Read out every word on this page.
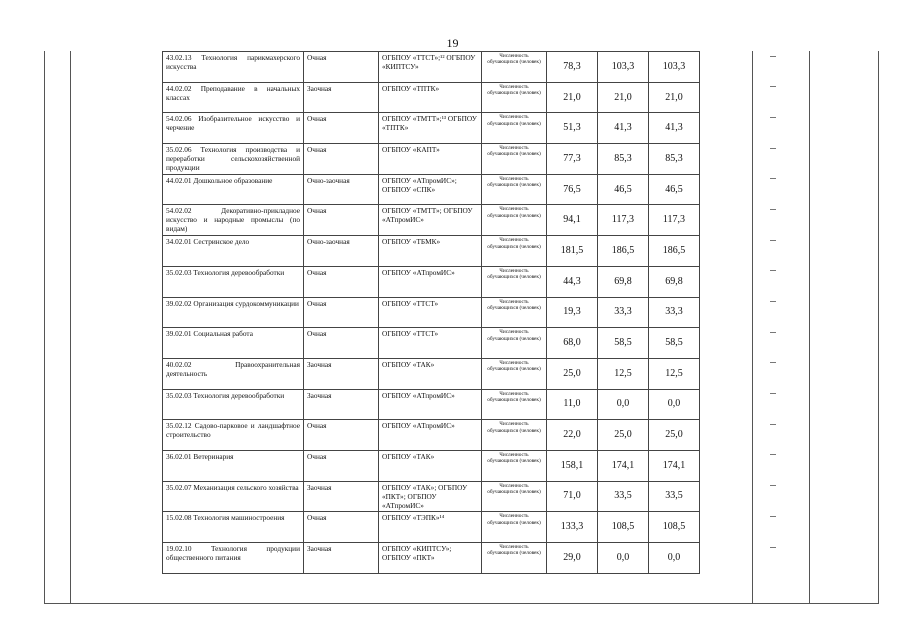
19
43.02.13 Технология парикмахерского искусства	Очная	ОГБПОУ «ТТСТ»;¹² ОГБПОУ «КИПТСУ»	Численность обучающихся (человек)	78,3	103,3	103,3
44.02.02 Преподавание в начальных классах	Заочная	ОГБПОУ «ТПТК»	Численность обучающихся (человек)	21,0	21,0	21,0
54.02.06 Изобразительное искусство и черчение	Очная	ОГБПОУ «ТМТТ»;¹³ ОГБПОУ «ТПТК»	Численность обучающихся (человек)	51,3	41,3	41,3
35.02.06 Технология производства и переработки сельскохозяйственной продукции	Очная	ОГБПОУ «КАПТ»	Численность обучающихся (человек)	77,3	85,3	85,3
44.02.01 Дошкольное образование	Очно-заочная	ОГБПОУ «АТпромИС»; ОГБПОУ «СПК»	Численность обучающихся (человек)	76,5	46,5	46,5
54.02.02 Декоративно-прикладное искусство и народные промыслы (по видам)	Очная	ОГБПОУ «ТМТТ»; ОГБПОУ «АТпромИС»	Численность обучающихся (человек)	94,1	117,3	117,3
34.02.01 Сестринское дело	Очно-заочная	ОГБПОУ «ТБМК»	Численность обучающихся (человек)	181,5	186,5	186,5
35.02.03 Технология деревообработки	Очная	ОГБПОУ «АТпромИС»	Численность обучающихся (человек)	44,3	69,8	69,8
39.02.02 Организация сурдокоммуникации	Очная	ОГБПОУ «ТТСТ»	Численность обучающихся (человек)	19,3	33,3	33,3
39.02.01 Социальная работа	Очная	ОГБПОУ «ТТСТ»	Численность обучающихся (человек)	68,0	58,5	58,5
40.02.02 Правоохранительная деятельность	Заочная	ОГБПОУ «ТАК»	Численность обучающихся (человек)	25,0	12,5	12,5
35.02.03 Технология деревообработки	Заочная	ОГБПОУ «АТпромИС»	Численность обучающихся (человек)	11,0	0,0	0,0
35.02.12 Садово-парковое и ландшафтное строительство	Очная	ОГБПОУ «АТпромИС»	Численность обучающихся (человек)	22,0	25,0	25,0
36.02.01 Ветеринария	Очная	ОГБПОУ «ТАК»	Численность обучающихся (человек)	158,1	174,1	174,1
35.02.07 Механизация сельского хозяйства	Заочная	ОГБПОУ «ТАК»; ОГБПОУ «ПКТ»; ОГБПОУ «АТпромИС»	Численность обучающихся (человек)	71,0	33,5	33,5
15.02.08 Технология машиностроения	Очная	ОГБПОУ «ТЭПК»¹⁴	Численность обучающихся (человек)	133,3	108,5	108,5
19.02.10 Технология продукции общественного питания	Заочная	ОГБПОУ «КИПТСУ»; ОГБПОУ «ПКТ»	Численность обучающихся (человек)	29,0	0,0	0,0
